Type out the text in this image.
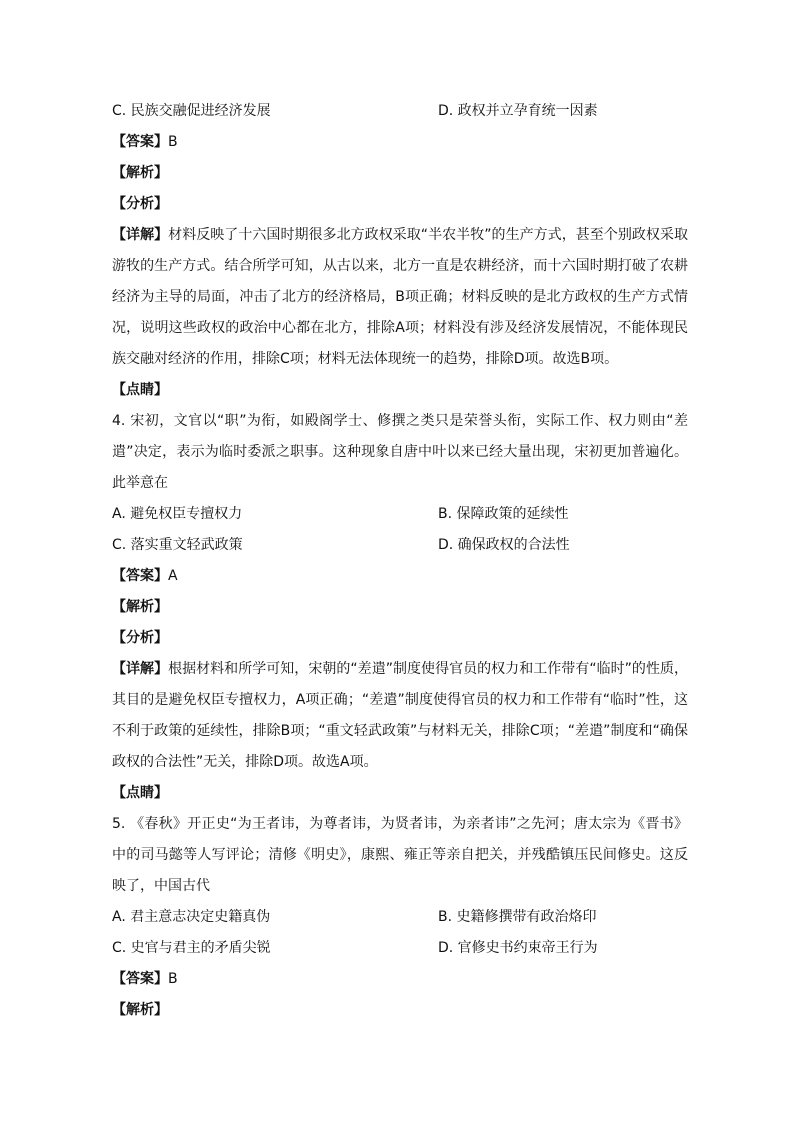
C. 民族交融促进经济发展	D. 政权并立孕育统一因素
【答案】B
【解析】
【分析】
【详解】材料反映了十六国时期很多北方政权采取“半农半牧”的生产方式，甚至个别政权采取游牧的生产方式。结合所学可知，从古以来，北方一直是农耕经济，而十六国时期打破了农耕经济为主导的局面，冲击了北方的经济格局，B项正确；材料反映的是北方政权的生产方式情况，说明这些政权的政治中心都在北方，排除A项；材料没有涉及经济发展情况，不能体现民族交融对经济的作用，排除C项；材料无法体现统一的趋势，排除D项。故选B项。
【点睛】
4. 宋初，文官以“职”为衔，如殿阁学士、修撰之类只是荣誉头衔，实际工作、权力则由“差遣”决定，表示为临时委派之职事。这种现象自唐中叶以来已经大量出现，宋初更加普遍化。此举意在
A. 避免权臣专擅权力	B. 保障政策的延续性
C. 落实重文轻武政策	D. 确保政权的合法性
【答案】A
【解析】
【分析】
【详解】根据材料和所学可知，宋朝的“差遣”制度使得官员的权力和工作带有“临时”的性质，其目的是避免权臣专擅权力，A项正确；“差遣”制度使得官员的权力和工作带有“临时”性，这不利于政策的延续性，排除B项；“重文轻武政策”与材料无关，排除C项；“差遣”制度和“确保政权的合法性”无关，排除D项。故选A项。
【点睛】
5. 《春秋》开正史“为王者讳，为尊者讳，为贤者讳，为亲者讳”之先河；唐太宗为《晋书》中的司马懿等人写评论；清修《明史》，康熙、雍正等亲自把关，并残酷镇压民间修史。这反映了，中国古代
A. 君主意志决定史籍真伪	B. 史籍修撰带有政治烙印
C. 史官与君主的矛盾尖锐	D. 官修史书约束帝王行为
【答案】B
【解析】
